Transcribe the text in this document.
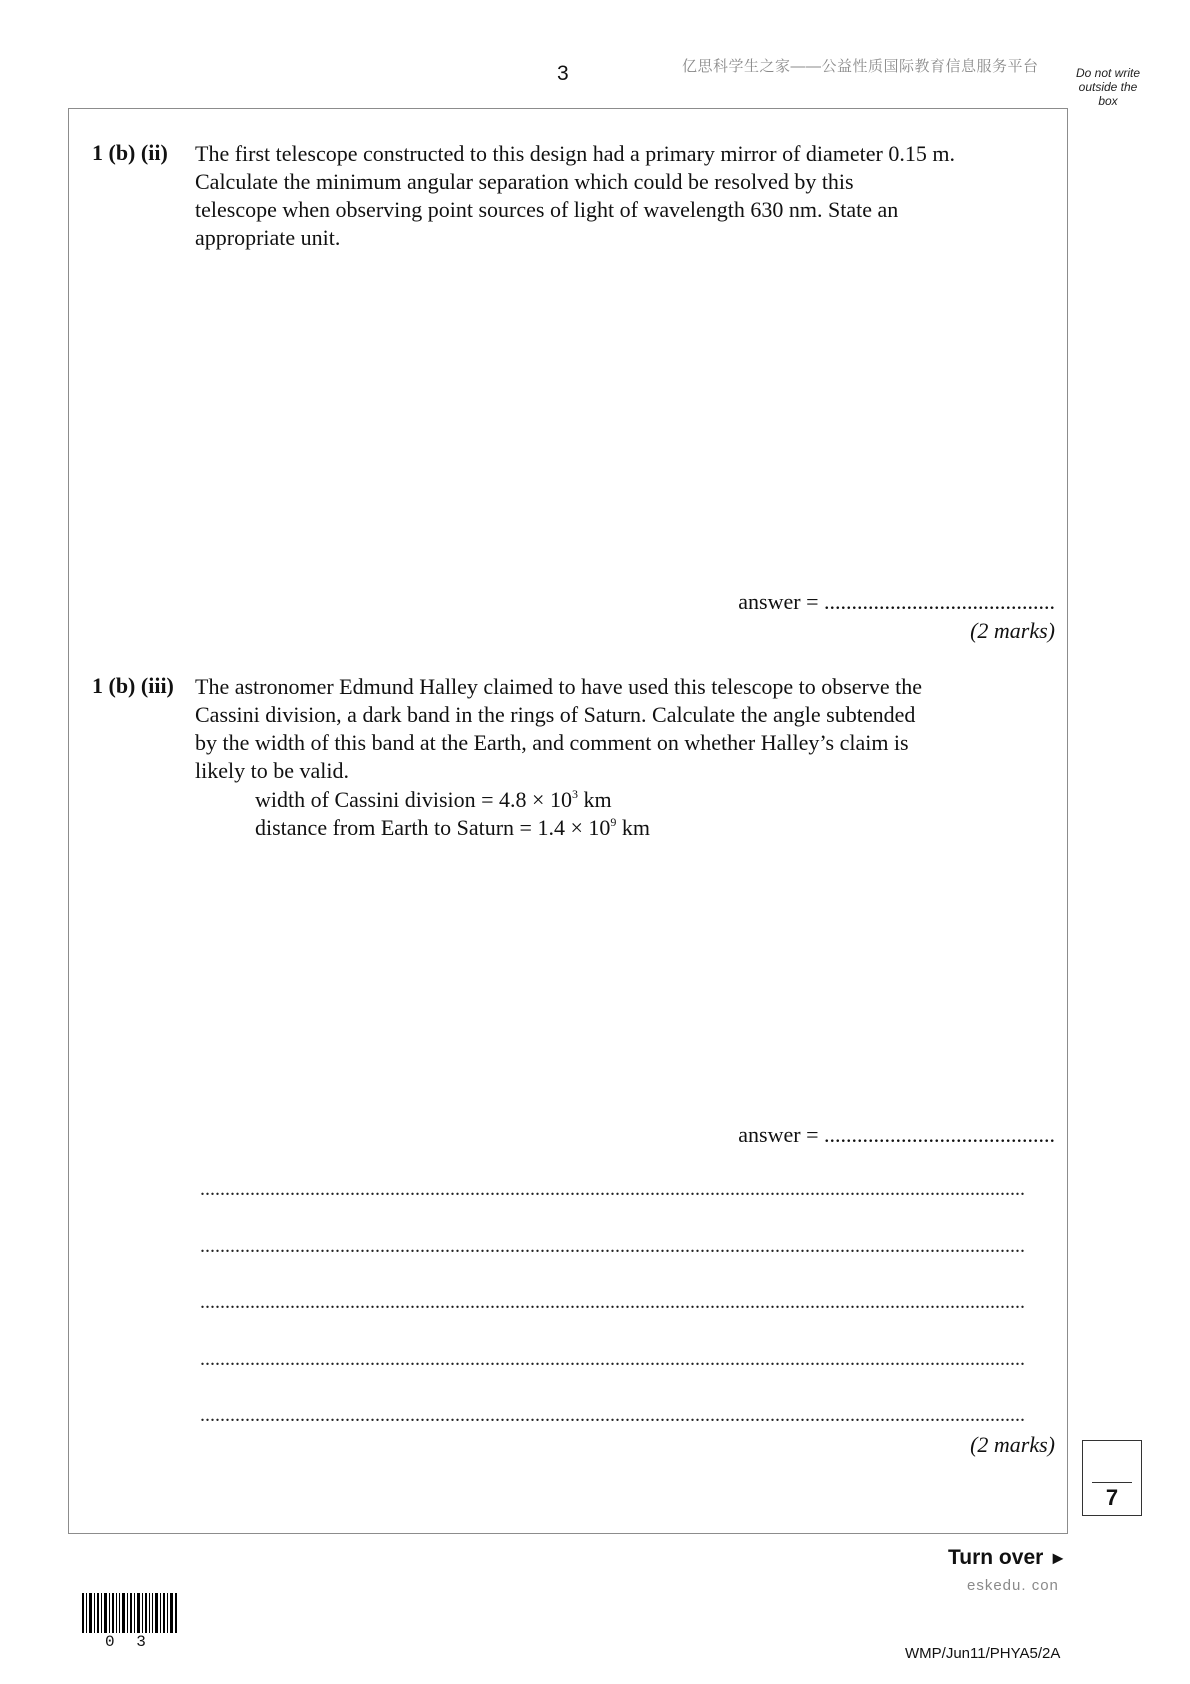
3	亿思科学生之家——公益性质国际教育信息服务平台	Do not write
outside the
box
1 (b) (ii) The first telescope constructed to this design had a primary mirror of diameter 0.15 m.
Calculate the minimum angular separation which could be resolved by this
telescope when observing point sources of light of wavelength 630 nm. State an
appropriate unit.
answer = ..........................................
(2 marks)
1 (b) (iii) The astronomer Edmund Halley claimed to have used this telescope to observe the
Cassini division, a dark band in the rings of Saturn. Calculate the angle subtended
by the width of this band at the Earth, and comment on whether Halley’s claim is
likely to be valid.
width of Cassini division = $4.8 \times 10^3$ km
distance from Earth to Saturn = $1.4 \times 10^9$ km
answer = ..........................................
.....................................................................................................................................................................
.....................................................................................................................................................................
.....................................................................................................................................................................
.....................................................................................................................................................................
.....................................................................................................................................................................
(2 marks)
7
Turn over ►
eskedu. con
0 3
WMP/Jun11/PHYA5/2A
